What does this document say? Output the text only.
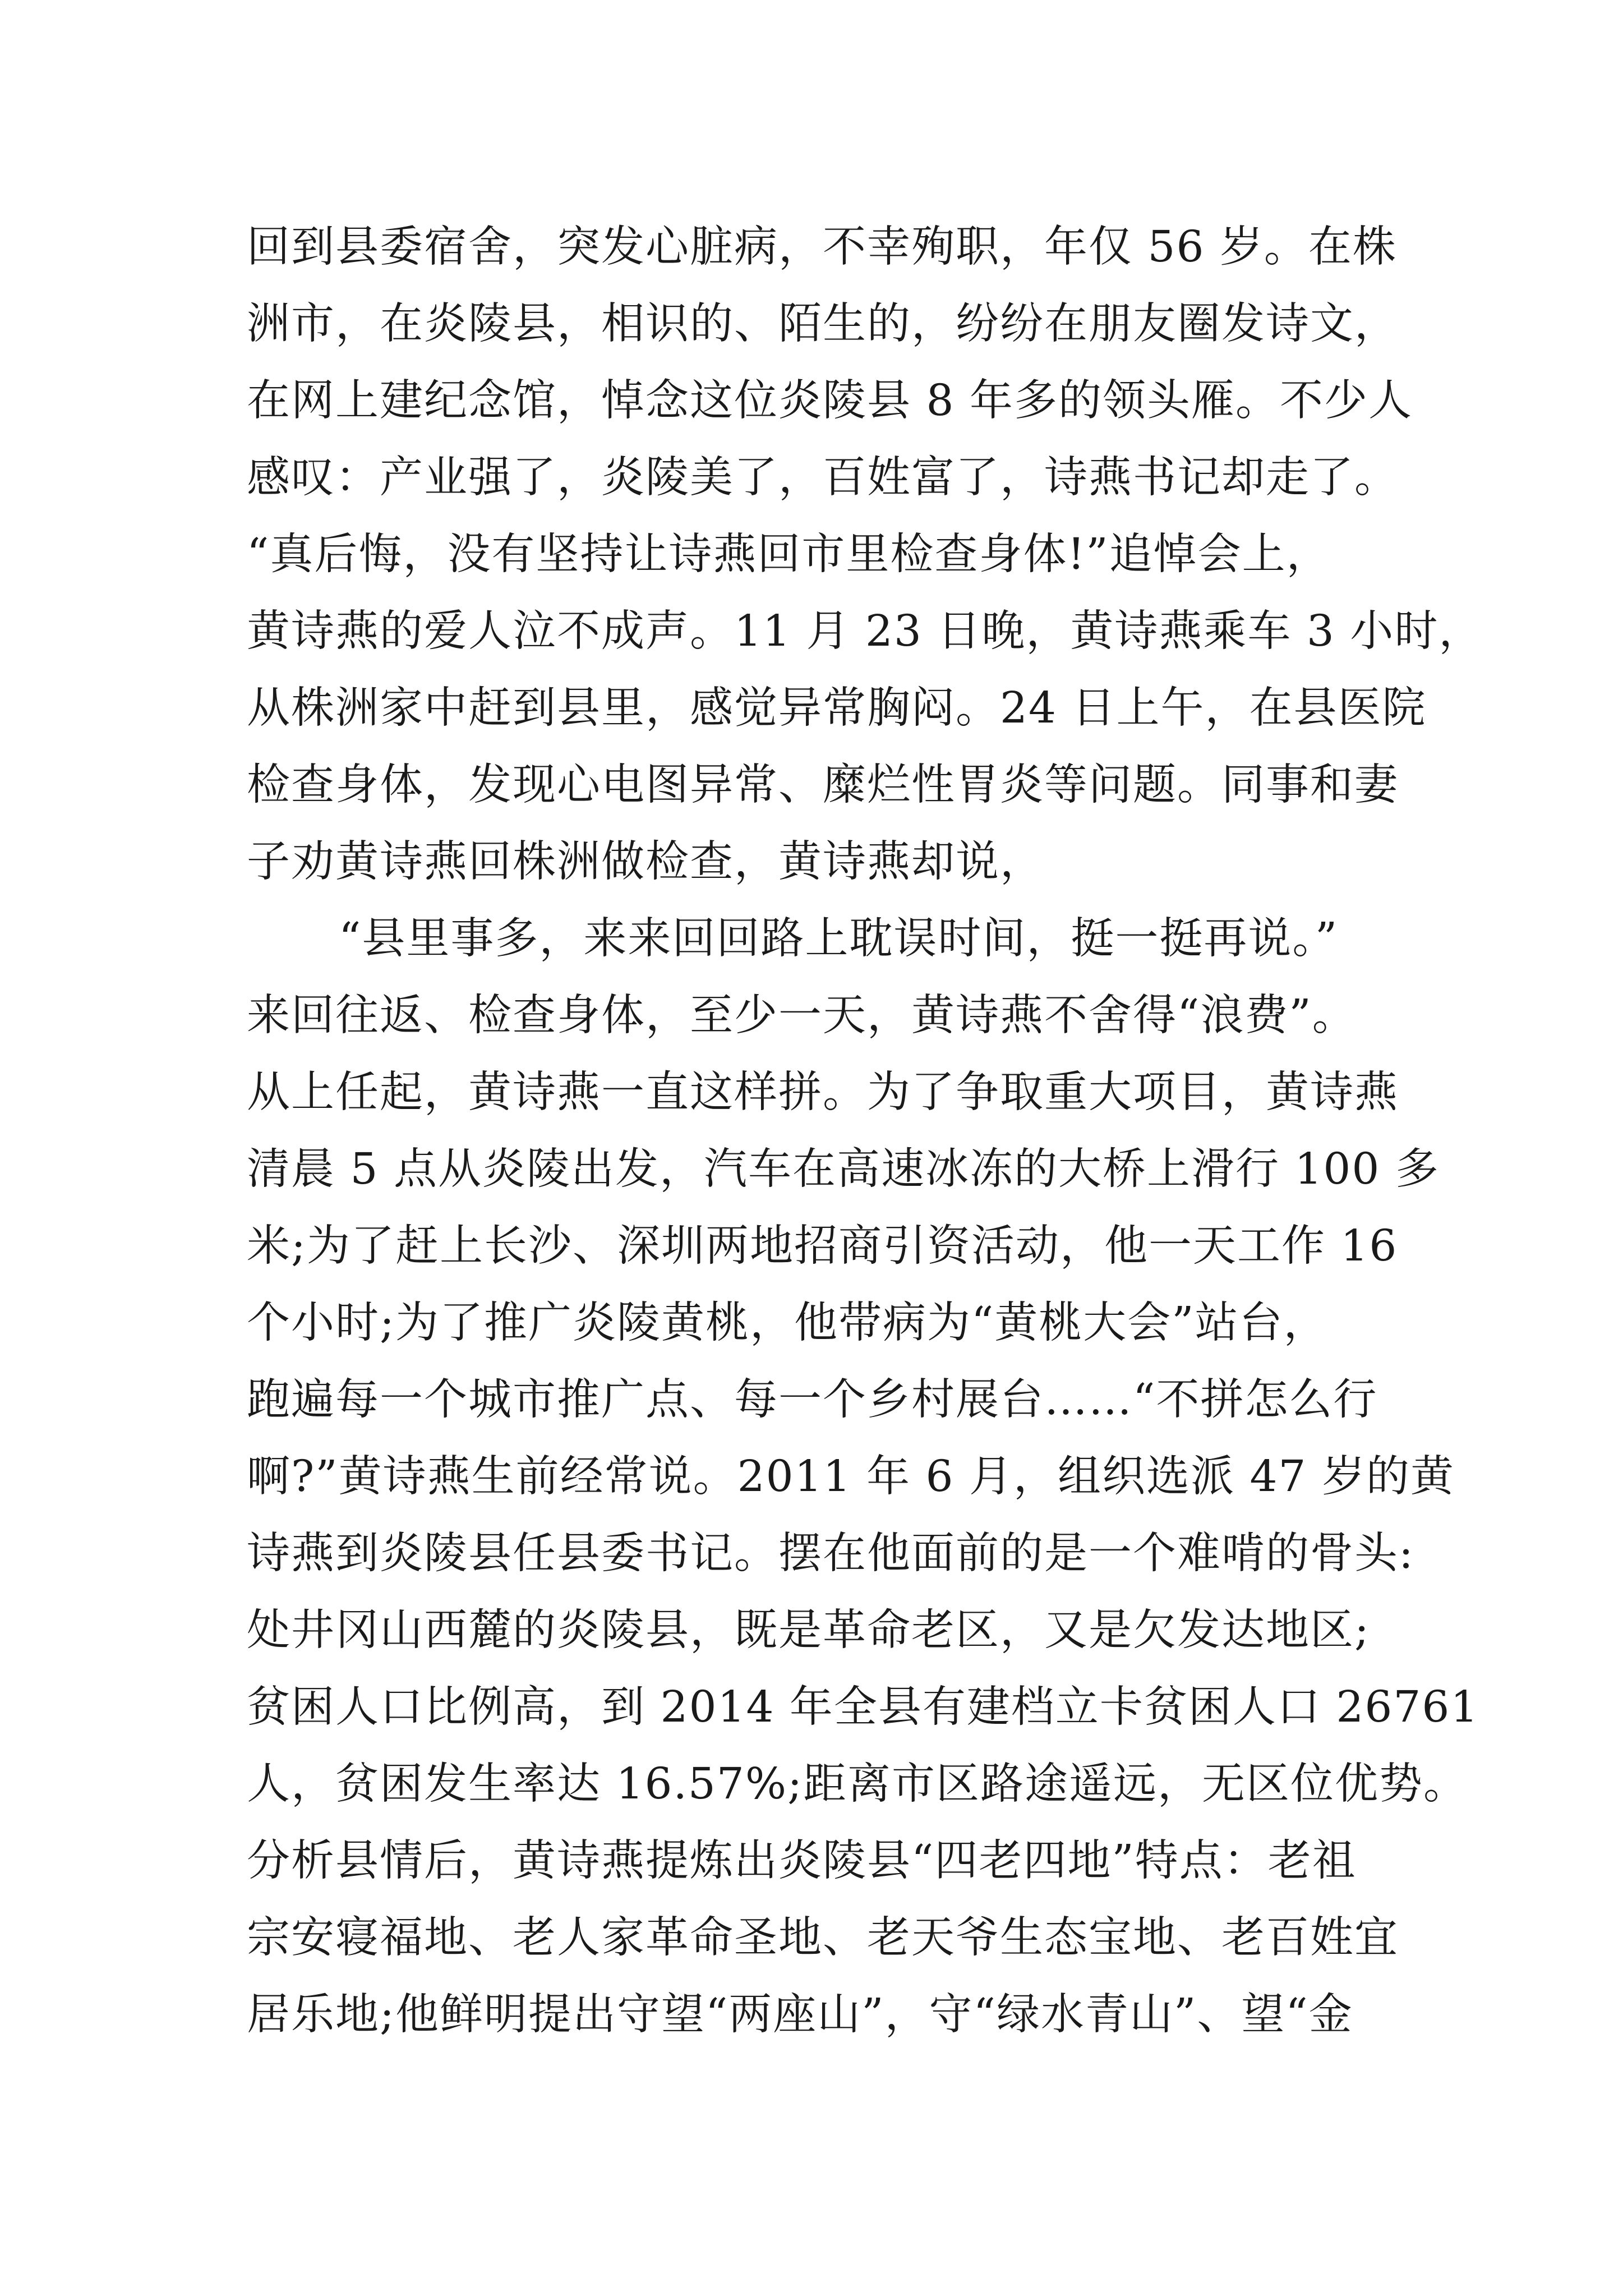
回到县委宿舍，突发心脏病，不幸殉职，年仅 56 岁。在株
洲市，在炎陵县，相识的、陌生的，纷纷在朋友圈发诗文，
在网上建纪念馆，悼念这位炎陵县 8 年多的领头雁。不少人
感叹：产业强了，炎陵美了，百姓富了，诗燕书记却走了。
“真后悔，没有坚持让诗燕回市里检查身体!”追悼会上，
黄诗燕的爱人泣不成声。11 月 23 日晚，黄诗燕乘车 3 小时，
从株洲家中赶到县里，感觉异常胸闷。24 日上午，在县医院
检查身体，发现心电图异常、糜烂性胃炎等问题。同事和妻
子劝黄诗燕回株洲做检查，黄诗燕却说，
“县里事多，来来回回路上耽误时间，挺一挺再说。”
来回往返、检查身体，至少一天，黄诗燕不舍得“浪费”。
从上任起，黄诗燕一直这样拼。为了争取重大项目，黄诗燕
清晨 5 点从炎陵出发，汽车在高速冰冻的大桥上滑行 100 多
米;为了赶上长沙、深圳两地招商引资活动，他一天工作 16
个小时;为了推广炎陵黄桃，他带病为“黄桃大会”站台，
跑遍每一个城市推广点、每一个乡村展台……“不拼怎么行
啊?”黄诗燕生前经常说。2011 年 6 月，组织选派 47 岁的黄
诗燕到炎陵县任县委书记。摆在他面前的是一个难啃的骨头:
处井冈山西麓的炎陵县，既是革命老区，又是欠发达地区;
贫困人口比例高，到 2014 年全县有建档立卡贫困人口 26761
人，贫困发生率达 16.57%;距离市区路途遥远，无区位优势。
分析县情后，黄诗燕提炼出炎陵县“四老四地”特点：老祖
宗安寝福地、老人家革命圣地、老天爷生态宝地、老百姓宜
居乐地;他鲜明提出守望“两座山”，守“绿水青山”、望“金
